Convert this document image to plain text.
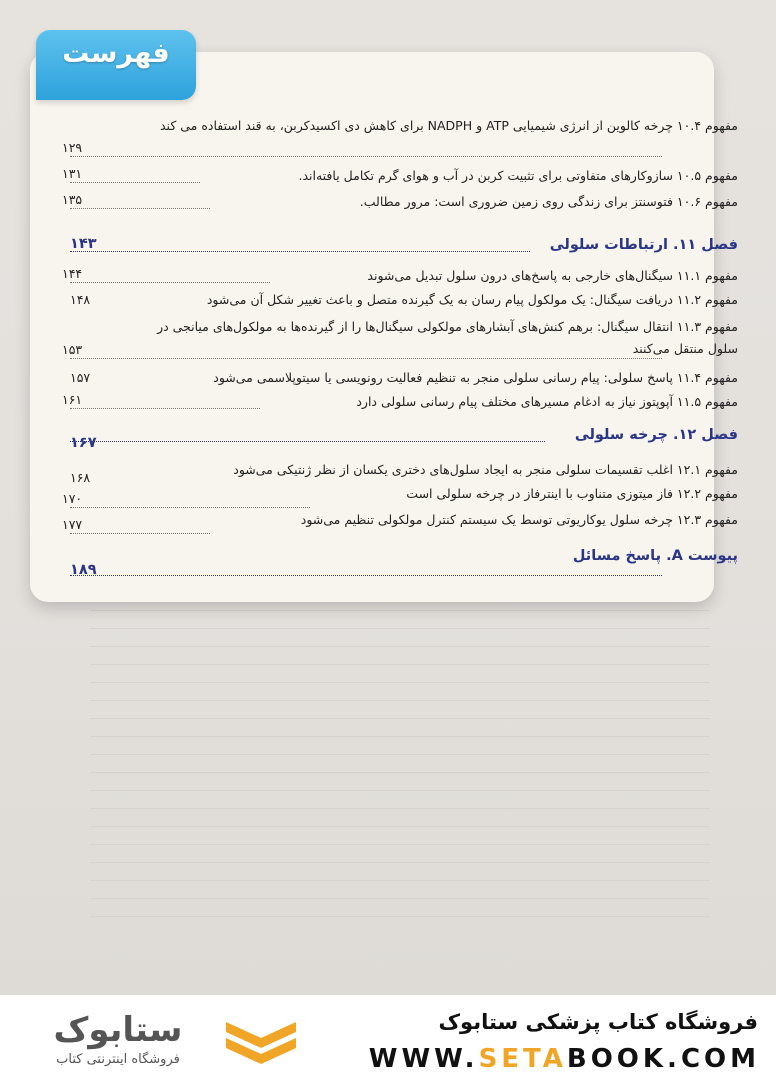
فهرست
مفهوم ۱۰.۴ چرخه کالوین از انرژی شیمیایی ATP و NADPH برای کاهش دی اکسیدکربن، به قند استفاده می کند
۱۲۹
مفهوم ۱۰.۵ سازوکارهای متفاوتی برای تثبیت کربن در آب و هوای گرم تکامل یافته‌اند.
۱۳۱
مفهوم ۱۰.۶ فتوسنتز برای زندگی روی زمین ضروری است: مرور مطالب.
۱۳۵
فصل ۱۱. ارتباطات سلولی
۱۴۳
مفهوم ۱۱.۱ سیگنال‌های خارجی به پاسخ‌های درون سلول تبدیل می‌شوند
۱۴۴
مفهوم ۱۱.۲ دریافت سیگنال: یک مولکول پیام رسان به یک گیرنده متصل و باعث تغییر شکل آن می‌شود
۱۴۸
مفهوم ۱۱.۳ انتقال سیگنال: برهم کنش‌های آبشارهای مولکولی سیگنال‌ها را از گیرنده‌ها به مولکول‌های میانجی در سلول منتقل می‌کنند
۱۵۳
مفهوم ۱۱.۴ پاسخ سلولی: پیام رسانی سلولی منجر به تنظیم فعالیت رونویسی یا سیتوپلاسمی می‌شود
۱۵۷
مفهوم ۱۱.۵ آپوپتوز نیاز به ادغام مسیرهای مختلف پیام رسانی سلولی دارد
۱۶۱
فصل ۱۲. چرخه سلولی
۱۶۷
مفهوم ۱۲.۱ اغلب تقسیمات سلولی منجر به ایجاد سلول‌های دختری یکسان از نظر ژنتیکی می‌شود
۱۶۸
مفهوم ۱۲.۲ فاز میتوزی متناوب با اینترفاز در چرخه سلولی است
۱۷۰
مفهوم ۱۲.۳ چرخه سلول یوکاریوتی توسط یک سیستم کنترل مولکولی تنظیم می‌شود
۱۷۷
پیوست A. پاسخ مسائل
۱۸۹
ستابوک
فروشگاه اینترنتی کتاب
فروشگاه کتاب پزشکی ستابوک
WWW.SETABOOK.COM
